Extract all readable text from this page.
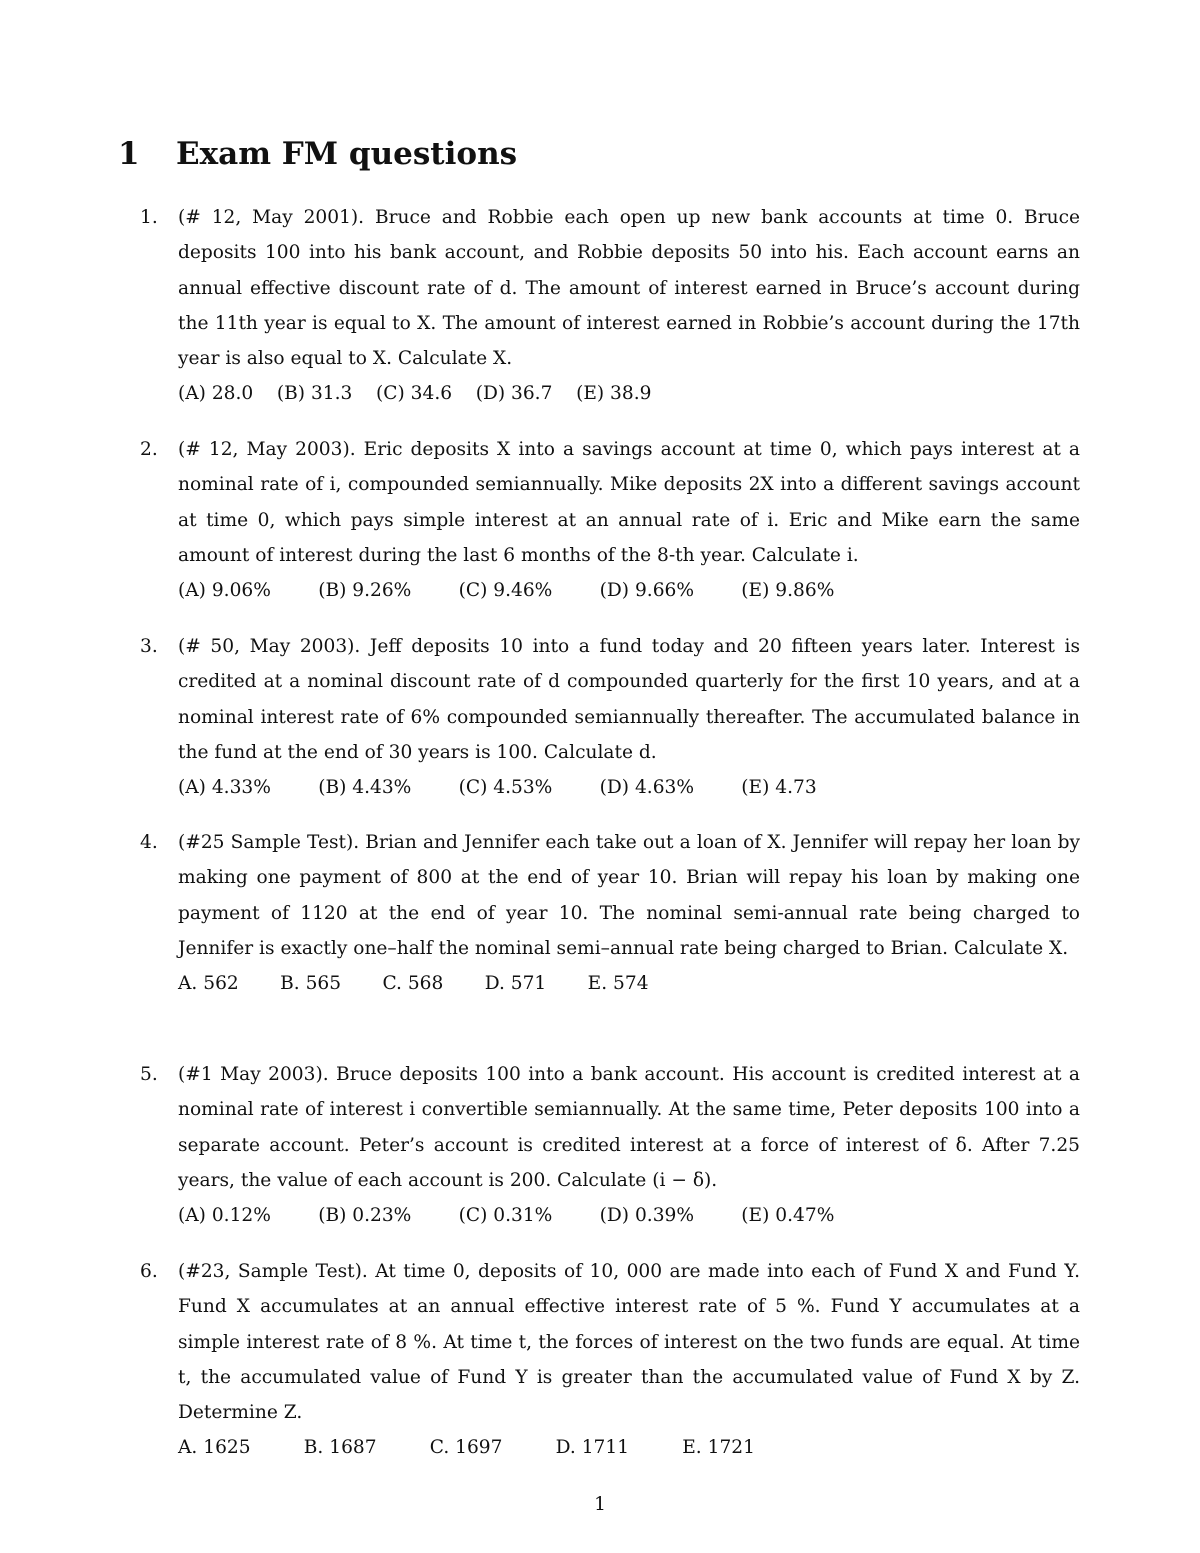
1 Exam FM questions
1. (# 12, May 2001). Bruce and Robbie each open up new bank accounts at time 0. Bruce deposits 100 into his bank account, and Robbie deposits 50 into his. Each account earns an annual effective discount rate of d. The amount of interest earned in Bruce’s account during the 11th year is equal to X. The amount of interest earned in Robbie’s account during the 17th year is also equal to X. Calculate X.
(A) 28.0    (B) 31.3    (C) 34.6    (D) 36.7    (E) 38.9
2. (# 12, May 2003). Eric deposits X into a savings account at time 0, which pays interest at a nominal rate of i, compounded semiannually. Mike deposits 2X into a different savings account at time 0, which pays simple interest at an annual rate of i. Eric and Mike earn the same amount of interest during the last 6 months of the 8-th year. Calculate i.
(A) 9.06%        (B) 9.26%        (C) 9.46%        (D) 9.66%        (E) 9.86%
3. (# 50, May 2003). Jeff deposits 10 into a fund today and 20 fifteen years later. Interest is credited at a nominal discount rate of d compounded quarterly for the first 10 years, and at a nominal interest rate of 6% compounded semiannually thereafter. The accumulated balance in the fund at the end of 30 years is 100. Calculate d.
(A) 4.33%        (B) 4.43%        (C) 4.53%        (D) 4.63%        (E) 4.73
4. (#25 Sample Test). Brian and Jennifer each take out a loan of X. Jennifer will repay her loan by making one payment of 800 at the end of year 10. Brian will repay his loan by making one payment of 1120 at the end of year 10. The nominal semi-annual rate being charged to Jennifer is exactly one–half the nominal semi–annual rate being charged to Brian. Calculate X.
A. 562       B. 565       C. 568       D. 571       E. 574
5. (#1 May 2003). Bruce deposits 100 into a bank account. His account is credited interest at a nominal rate of interest i convertible semiannually. At the same time, Peter deposits 100 into a separate account. Peter’s account is credited interest at a force of interest of δ. After 7.25 years, the value of each account is 200. Calculate (i − δ).
(A) 0.12%        (B) 0.23%        (C) 0.31%        (D) 0.39%        (E) 0.47%
6. (#23, Sample Test). At time 0, deposits of 10, 000 are made into each of Fund X and Fund Y. Fund X accumulates at an annual effective interest rate of 5 %. Fund Y accumulates at a simple interest rate of 8 %. At time t, the forces of interest on the two funds are equal. At time t, the accumulated value of Fund Y is greater than the accumulated value of Fund X by Z. Determine Z.
A. 1625         B. 1687         C. 1697         D. 1711         E. 1721
1
